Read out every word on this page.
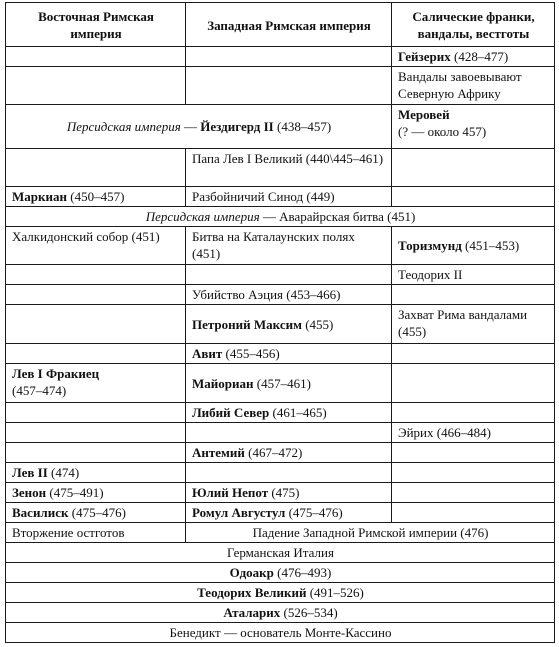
Восточная Римская империя	Западная Римская империя	Салические франки, вандалы, вестготы
		Гейзерих (428–477)
		Вандалы завоевывают Северную Африку
Персидская империя — Йездигерд II (438–457)		Меровей
(? — около 457)
	Папа Лев I Великий (440\445–461)	
Маркиан (450–457)	Разбойничий Синод (449)	
Персидская империя — Аварайрская битва (451)		
Халкидонский собор (451)	Битва на Каталаунских полях (451)	Торизмунд (451–453)
		Теодорих II
	Убийство Аэция (453–466)	
	Петроний Максим (455)	Захват Рима вандалами (455)
	Авит (455–456)	
Лев I Фракиец
(457–474)	Майориан (457–461)	
	Либий Север (461–465)	
		Эйрих (466–484)
	Антемий (467–472)	
Лев II (474)		
Зенон (475–491)	Юлий Непот (475)	
Василиск (475–476)	Ромул Августул (475–476)	
Вторжение остготов	Падение Западной Римской империи (476)	
Германская Италия		
Одоакр (476–493)		
Теодорих Великий (491–526)		
Аталарих (526–534)		
Бенедикт — основатель Монте-Кассино		
